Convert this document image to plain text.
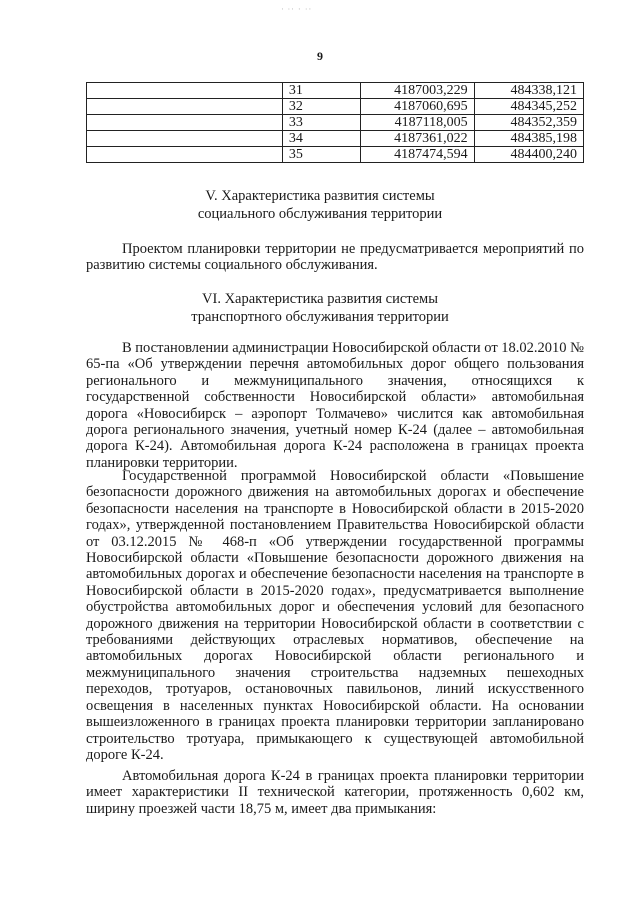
· ∙· · ∙·
9
	31	4187003,229	484338,121
	32	4187060,695	484345,252
	33	4187118,005	484352,359
	34	4187361,022	484385,198
	35	4187474,594	484400,240
V. Характеристика развития системы
социального обслуживания территории

Проектом планировки территории не предусматривается мероприятий по развитию системы социального обслуживания.

VI. Характеристика развития системы
транспортного обслуживания территории

В постановлении администрации Новосибирской области от 18.02.2010 № 65-па «Об утверждении перечня автомобильных дорог общего пользования регионального и межмуниципального значения, относящихся к государственной собственности Новосибирской области» автомобильная дорога «Новосибирск – аэропорт Толмачево» числится как автомобильная дорога регионального значения, учетный номер К-24 (далее – автомобильная дорога К-24). Автомобильная дорога К-24 расположена в границах проекта планировки территории.

Государственной программой Новосибирской области «Повышение безопасности дорожного движения на автомобильных дорогах и обеспечение безопасности населения на транспорте в Новосибирской области в 2015-2020 годах», утвержденной постановлением Правительства Новосибирской области от 03.12.2015 № 468-п «Об утверждении государственной программы Новосибирской области «Повышение безопасности дорожного движения на автомобильных дорогах и обеспечение безопасности населения на транспорте в Новосибирской области в 2015-2020 годах», предусматривается выполнение обустройства автомобильных дорог и обеспечения условий для безопасного дорожного движения на территории Новосибирской области в соответствии с требованиями действующих отраслевых нормативов, обеспечение на автомобильных дорогах Новосибирской области регионального и межмуниципального значения строительства надземных пешеходных переходов, тротуаров, остановочных павильонов, линий искусственного освещения в населенных пунктах Новосибирской области. На основании вышеизложенного в границах проекта планировки территории запланировано строительство тротуара, примыкающего к существующей автомобильной дороге К-24.

Автомобильная дорога К-24 в границах проекта планировки территории имеет характеристики II технической категории, протяженность 0,602 км, ширину проезжей части 18,75 м, имеет два примыкания:
